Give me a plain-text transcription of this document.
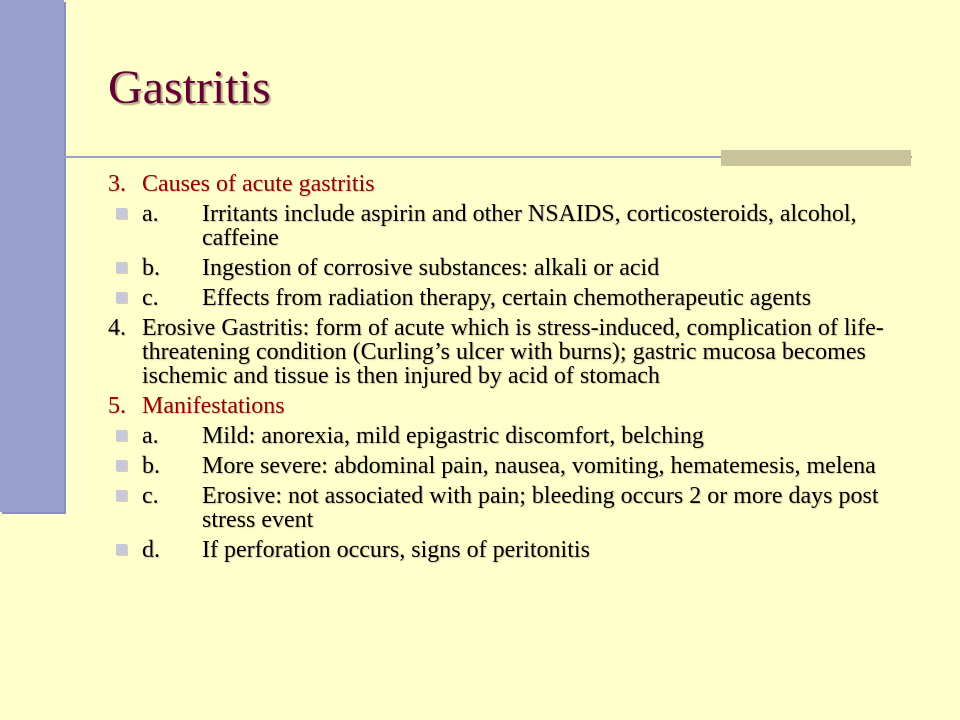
Gastritis
3. Causes of acute gastritis
a. Irritants include aspirin and other NSAIDS, corticosteroids, alcohol, caffeine
b. Ingestion of corrosive substances: alkali or acid
c. Effects from radiation therapy, certain chemotherapeutic agents
4. Erosive Gastritis: form of acute which is stress-induced, complication of life-threatening condition (Curling’s ulcer with burns); gastric mucosa becomes ischemic and tissue is then injured by acid of stomach
5. Manifestations
a. Mild: anorexia, mild epigastric discomfort, belching
b. More severe: abdominal pain, nausea, vomiting, hematemesis, melena
c. Erosive: not associated with pain; bleeding occurs 2 or more days post stress event
d. If perforation occurs, signs of peritonitis
